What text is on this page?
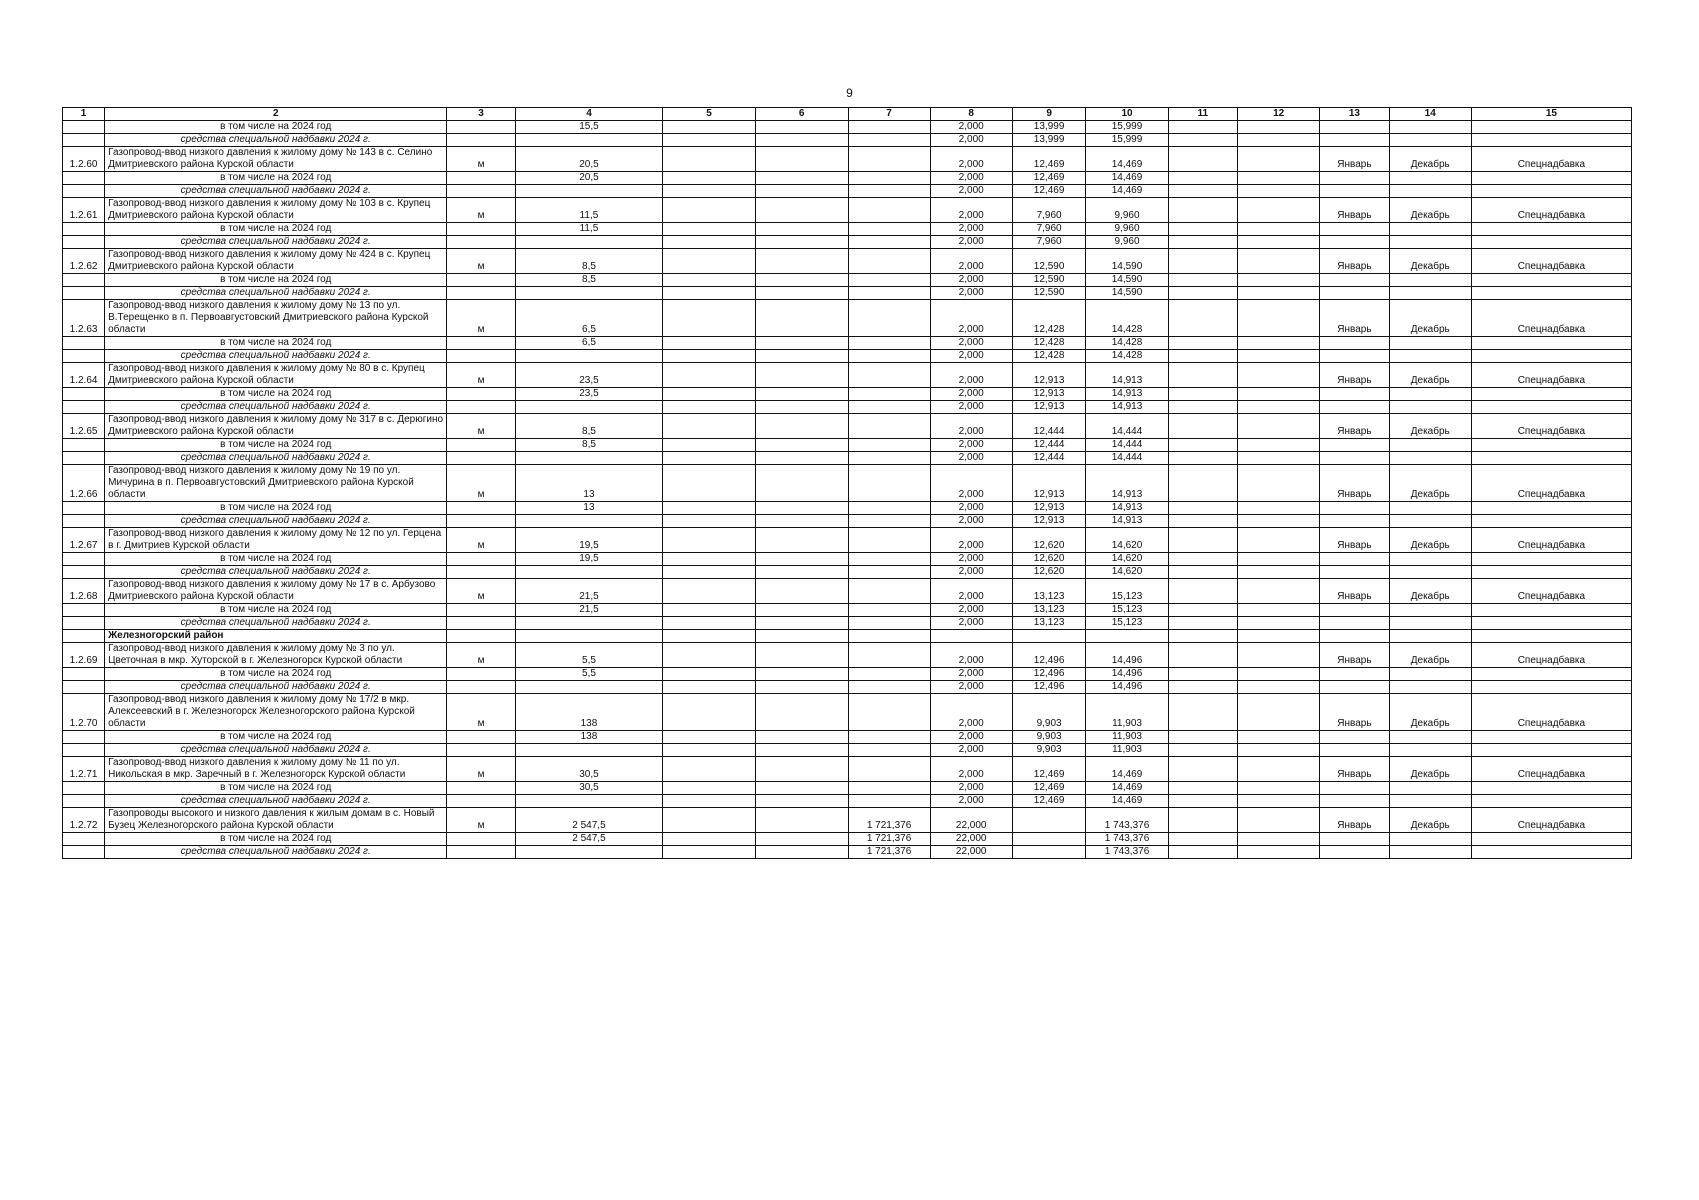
9
1	2	3	4	5	6	7	8	9	10	11	12	13	14	15
	в том числе на 2024 год		15,5				2,000	13,999	15,999					
	средства специальной надбавки 2024 г.						2,000	13,999	15,999					
1.2.60	Газопровод-ввод низкого давления к жилому дому № 143 в с. Селино Дмитриевского района Курской области	м	20,5				2,000	12,469	14,469			Январь	Декабрь	Спецнадбавка
	в том числе на 2024 год		20,5				2,000	12,469	14,469					
	средства специальной надбавки 2024 г.						2,000	12,469	14,469					
1.2.61	Газопровод-ввод низкого давления к жилому дому № 103 в с. Крупец Дмитриевского района Курской области	м	11,5				2,000	7,960	9,960			Январь	Декабрь	Спецнадбавка
	в том числе на 2024 год		11,5				2,000	7,960	9,960					
	средства специальной надбавки 2024 г.						2,000	7,960	9,960					
1.2.62	Газопровод-ввод низкого давления к жилому дому № 424 в с. Крупец Дмитриевского района Курской области	м	8,5				2,000	12,590	14,590			Январь	Декабрь	Спецнадбавка
	в том числе на 2024 год		8,5				2,000	12,590	14,590					
	средства специальной надбавки 2024 г.						2,000	12,590	14,590					
1.2.63	Газопровод-ввод низкого давления к жилому дому № 13 по ул. В.Терещенко в п. Первоавгустовский Дмитриевского района Курской области	м	6,5				2,000	12,428	14,428			Январь	Декабрь	Спецнадбавка
	в том числе на 2024 год		6,5				2,000	12,428	14,428					
	средства специальной надбавки 2024 г.						2,000	12,428	14,428					
1.2.64	Газопровод-ввод низкого давления к жилому дому № 80 в с. Крупец Дмитриевского района Курской области	м	23,5				2,000	12,913	14,913			Январь	Декабрь	Спецнадбавка
	в том числе на 2024 год		23,5				2,000	12,913	14,913					
	средства специальной надбавки 2024 г.						2,000	12,913	14,913					
1.2.65	Газопровод-ввод низкого давления к жилому дому № 317 в с. Дерюгино Дмитриевского района Курской области	м	8,5				2,000	12,444	14,444			Январь	Декабрь	Спецнадбавка
	в том числе на 2024 год		8,5				2,000	12,444	14,444					
	средства специальной надбавки 2024 г.						2,000	12,444	14,444					
1.2.66	Газопровод-ввод низкого давления к жилому дому № 19 по ул. Мичурина в п. Первоавгустовский Дмитриевского района Курской области	м	13				2,000	12,913	14,913			Январь	Декабрь	Спецнадбавка
	в том числе на 2024 год		13				2,000	12,913	14,913					
	средства специальной надбавки 2024 г.						2,000	12,913	14,913					
1.2.67	Газопровод-ввод низкого давления к жилому дому № 12 по ул. Герцена в г. Дмитриев Курской области	м	19,5				2,000	12,620	14,620			Январь	Декабрь	Спецнадбавка
	в том числе на 2024 год		19,5				2,000	12,620	14,620					
	средства специальной надбавки 2024 г.						2,000	12,620	14,620					
1.2.68	Газопровод-ввод низкого давления к жилому дому № 17 в с. Арбузово Дмитриевского района Курской области	м	21,5				2,000	13,123	15,123			Январь	Декабрь	Спецнадбавка
	в том числе на 2024 год		21,5				2,000	13,123	15,123					
	средства специальной надбавки 2024 г.						2,000	13,123	15,123					
	Железногорский район													
1.2.69	Газопровод-ввод низкого давления к жилому дому № 3 по ул. Цветочная в мкр. Хуторской в г. Железногорск Курской области	м	5,5				2,000	12,496	14,496			Январь	Декабрь	Спецнадбавка
	в том числе на 2024 год		5,5				2,000	12,496	14,496					
	средства специальной надбавки 2024 г.						2,000	12,496	14,496					
1.2.70	Газопровод-ввод низкого давления к жилому дому № 17/2 в мкр. Алексеевский в г. Железногорск Железногорского района Курской области	м	138				2,000	9,903	11,903			Январь	Декабрь	Спецнадбавка
	в том числе на 2024 год		138				2,000	9,903	11,903					
	средства специальной надбавки 2024 г.						2,000	9,903	11,903					
1.2.71	Газопровод-ввод низкого давления к жилому дому № 11 по ул. Никольская в мкр. Заречный в г. Железногорск Курской области	м	30,5				2,000	12,469	14,469			Январь	Декабрь	Спецнадбавка
	в том числе на 2024 год		30,5				2,000	12,469	14,469					
	средства специальной надбавки 2024 г.						2,000	12,469	14,469					
1.2.72	Газопроводы высокого и низкого давления к жилым домам в с. Новый Бузец Железногорского района Курской области	м	2 547,5			1 721,376	22,000		1 743,376			Январь	Декабрь	Спецнадбавка
	в том числе на 2024 год		2 547,5			1 721,376	22,000		1 743,376					
	средства специальной надбавки 2024 г.					1 721,376	22,000		1 743,376					
